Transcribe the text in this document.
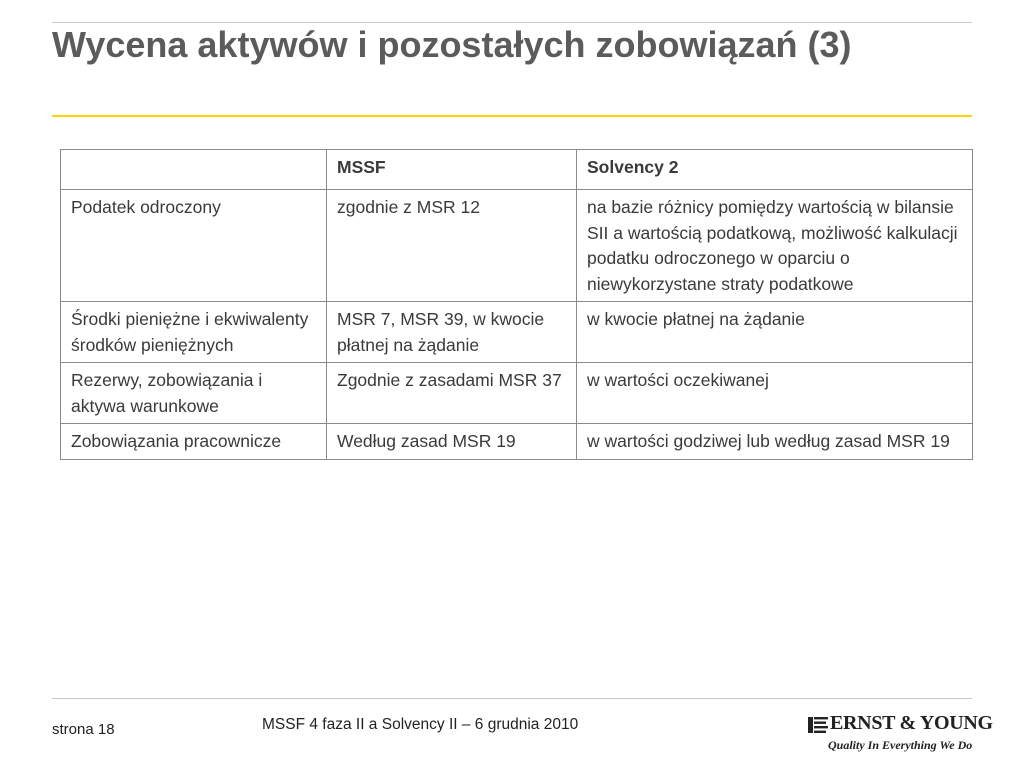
Wycena aktywów i pozostałych zobowiązań (3)
	MSSF	Solvency 2
Podatek odroczony	zgodnie z MSR 12	na bazie różnicy pomiędzy wartością w bilansie SII a wartością podatkową, możliwość kalkulacji podatku odroczonego w oparciu o niewykorzystane straty podatkowe
Środki pieniężne i ekwiwalenty środków pieniężnych	MSR 7, MSR 39, w kwocie płatnej na żądanie	w kwocie płatnej na żądanie
Rezerwy, zobowiązania i aktywa warunkowe	Zgodnie z zasadami MSR 37	w wartości oczekiwanej
Zobowiązania pracownicze	Według zasad MSR 19	w wartości godziwej lub według zasad MSR 19
strona 18	MSSF 4 faza II a Solvency II – 6 grudnia 2010	ERNST & YOUNG
Quality In Everything We Do
